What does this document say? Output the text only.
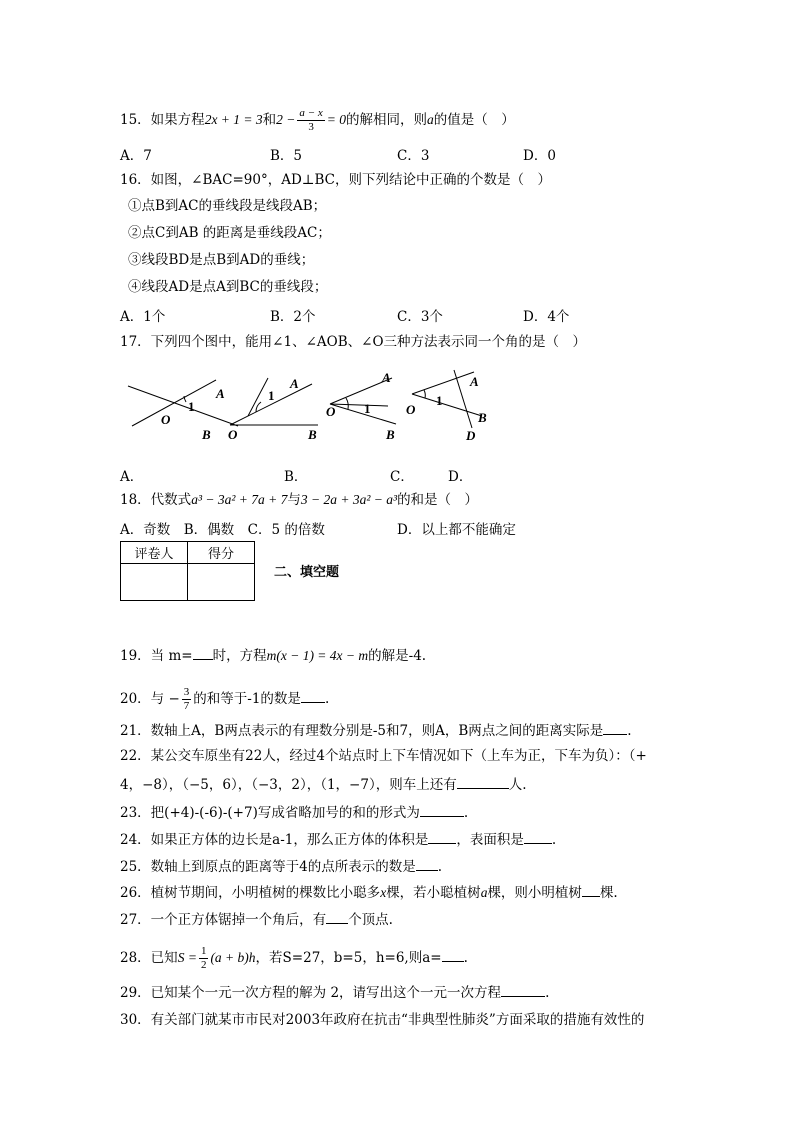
15．如果方程2x + 1 = 3和$2 - \frac{a - x}{3} = 0$的解相同，则a的值是（　）
A．7	B．5	C．3	D．0
16．如图，∠BAC=90°，AD⊥BC，则下列结论中正确的个数是（　）
①点B到AC的垂线段是线段AB；
②点C到AB 的距离是垂线段AC；
③线段BD是点B到AD的垂线；
④线段AD是点A到BC的垂线段；
A．1个	B．2个	C．3个	D．4个
17．下列四个图中，能用∠1、∠AOB、∠O三种方法表示同一个角的是（　）
A
1
O
B
A
1
O	B
A
1
O
B
A
1
O
B
D
A．	B．	C．	D．
18．代数式a³ − 3a² + 7a + 7与3 − 2a + 3a² − a³的和是（　）
A．奇数　B．偶数　C．5 的倍数	D．以上都不能确定
评卷人	得分

二、填空题
19．当 m= 时，方程m(x − 1) = 4x − m的解是-4.
20．与 − $\frac{3}{7}$ 的和等于-1的数是 .
21．数轴上A，B两点表示的有理数分别是-5和7，则A，B两点之间的距离实际是 .
22．某公交车原坐有22人，经过4个站点时上下车情况如下（上车为正，下车为负）：（+
4，−8），（−5，6），（−3，2），（1，−7），则车上还有	人.
23．把(+4)-(-6)-(+7)写成省略加号的和的形式为	.
24．如果正方体的边长是a-1，那么正方体的体积是 ，表面积是 .
25．数轴上到原点的距离等于4的点所表示的数是 .
26．植树节期间，小明植树的棵数比小聪多x棵，若小聪植树a棵，则小明植树 棵.
27．一个正方体锯掉一个角后，有 个顶点.
28．已知$S = \frac{1}{2} (a + b)h$，若S=27，b=5，h=6,则a= .
29．已知某个一元一次方程的解为 2，请写出这个一元一次方程	.
30．有关部门就某市市民对2003年政府在抗击“非典型性肺炎”方面采取的措施有效性的
